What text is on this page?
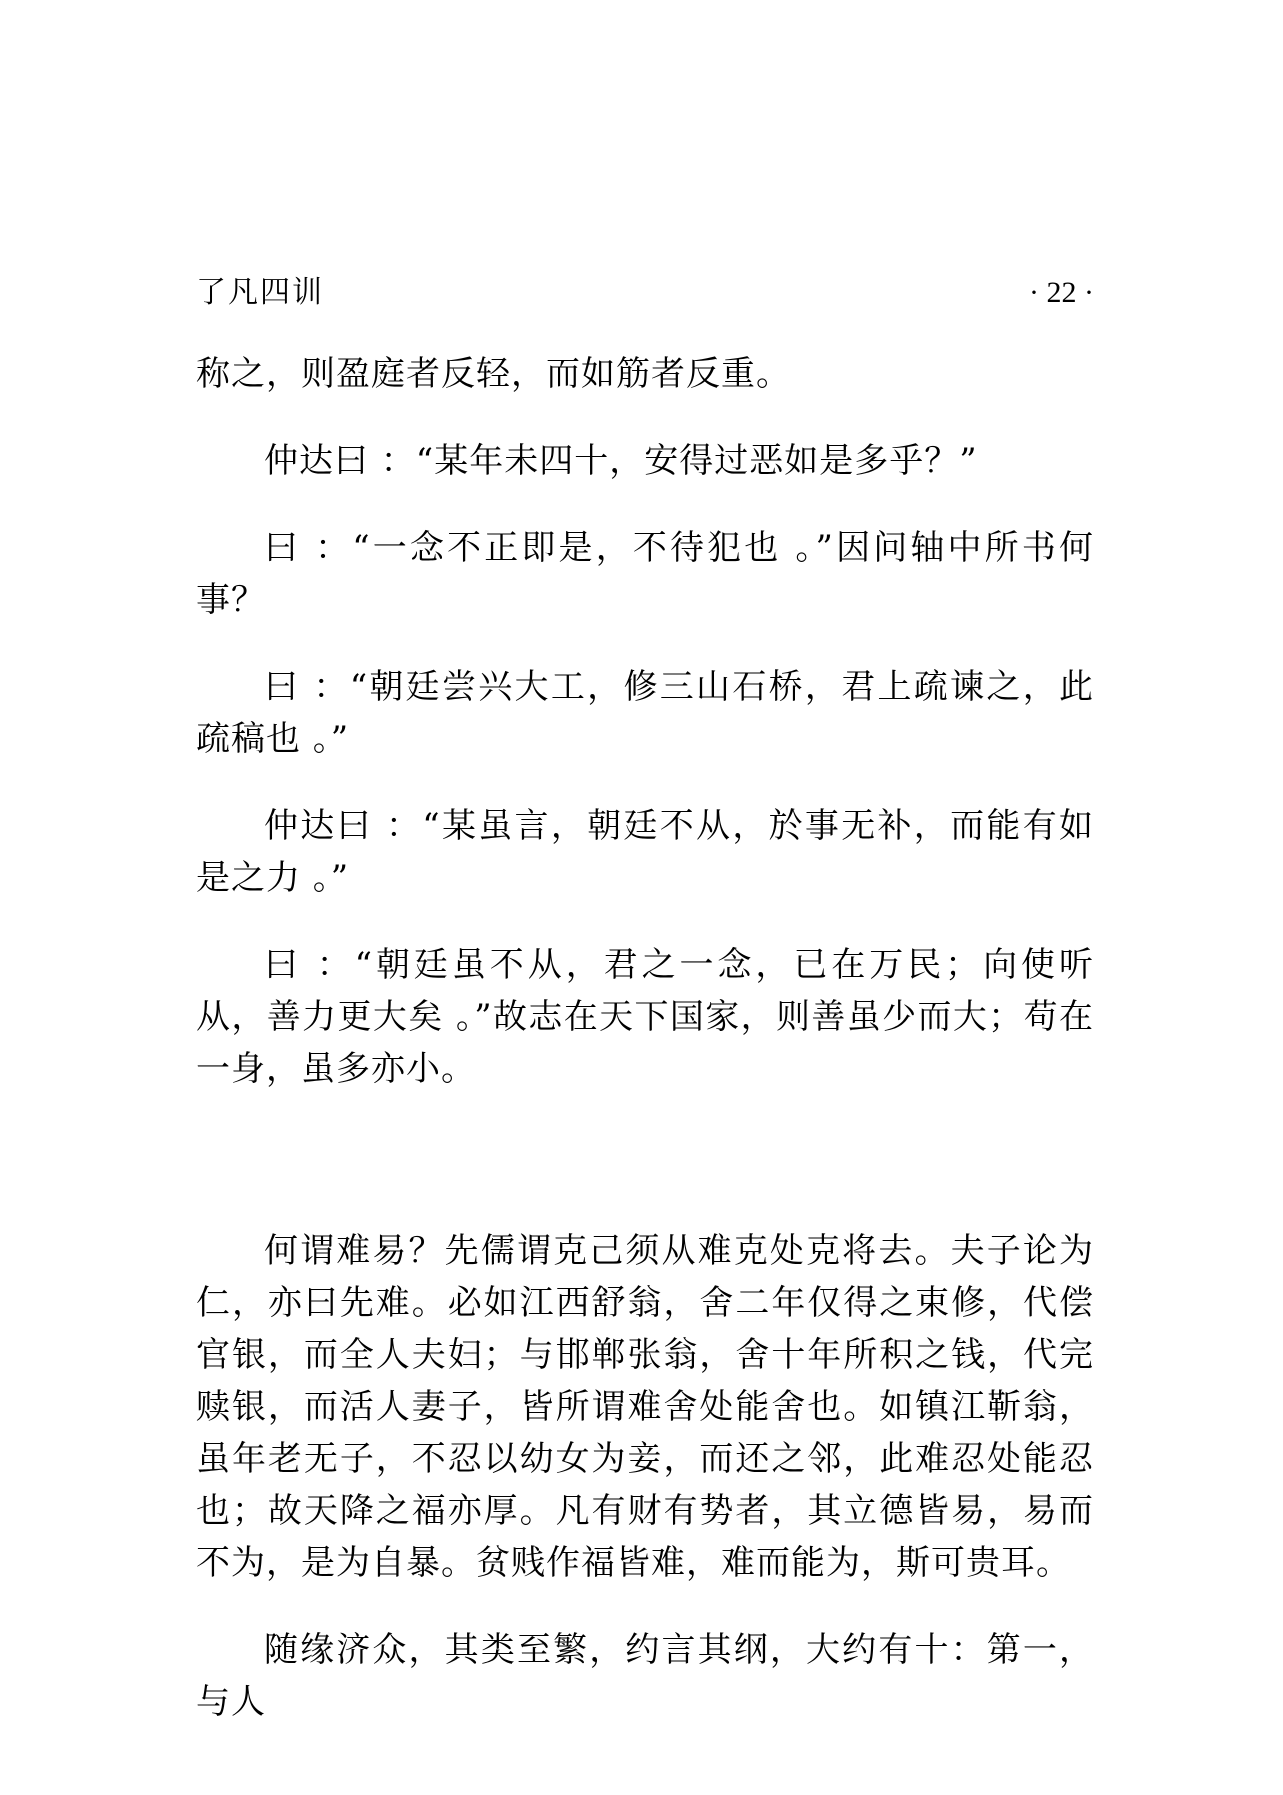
了凡四训	· 22 ·

称之，则盈庭者反轻，而如筋者反重。

仲达曰 ：“某年未四十，安得过恶如是多乎？”

曰 ：“一念不正即是，不待犯也 。”因问轴中所书何事？

曰 ：“朝廷尝兴大工，修三山石桥，君上疏谏之，此疏稿也 。”

仲达曰 ：“某虽言，朝廷不从，於事无补，而能有如是之力 。”

曰 ：“朝廷虽不从，君之一念，已在万民；向使听从，善力更大矣 。”故志在天下国家，则善虽少而大；苟在一身，虽多亦小。

何谓难易？先儒谓克己须从难克处克将去。夫子论为仁，亦曰先难。必如江西舒翁，舍二年仅得之束修，代偿官银，而全人夫妇；与邯郸张翁，舍十年所积之钱，代完赎银，而活人妻子，皆所谓难舍处能舍也。如镇江靳翁，虽年老无子，不忍以幼女为妾，而还之邻，此难忍处能忍也；故天降之福亦厚。凡有财有势者，其立德皆易，易而不为，是为自暴。贫贱作福皆难，难而能为，斯可贵耳。

随缘济众，其类至繁，约言其纲，大约有十：第一，与人
